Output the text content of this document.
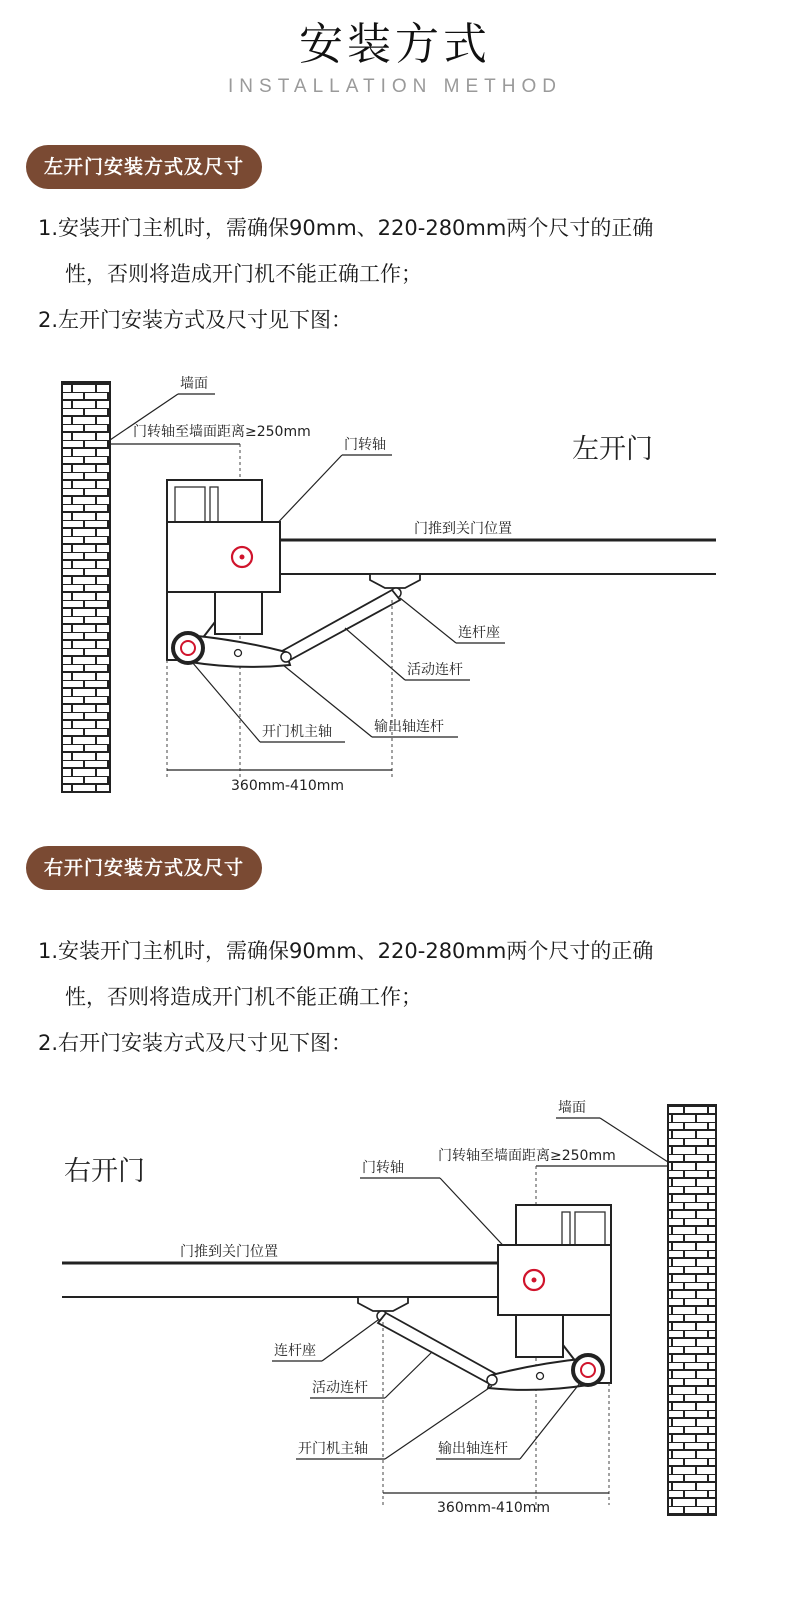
安装方式
INSTALLATION METHOD
左开门安装方式及尺寸
1.安装开门主机时，需确保90mm、220-280mm两个尺寸的正确
性，否则将造成开门机不能正确工作；
2.左开门安装方式及尺寸见下图：
墙面
门转轴至墙面距离≥250mm
左开门
门转轴
门推到关门位置
连杆座
活动连杆
输出轴连杆
开门机主轴
360mm-410mm
右开门安装方式及尺寸
1.安装开门主机时，需确保90mm、220-280mm两个尺寸的正确
性，否则将造成开门机不能正确工作；
2.右开门安装方式及尺寸见下图：
墙面
门转轴至墙面距离≥250mm
右开门	门转轴
门推到关门位置
连杆座
活动连杆
开门机主轴	输出轴连杆
360mm-410mm
